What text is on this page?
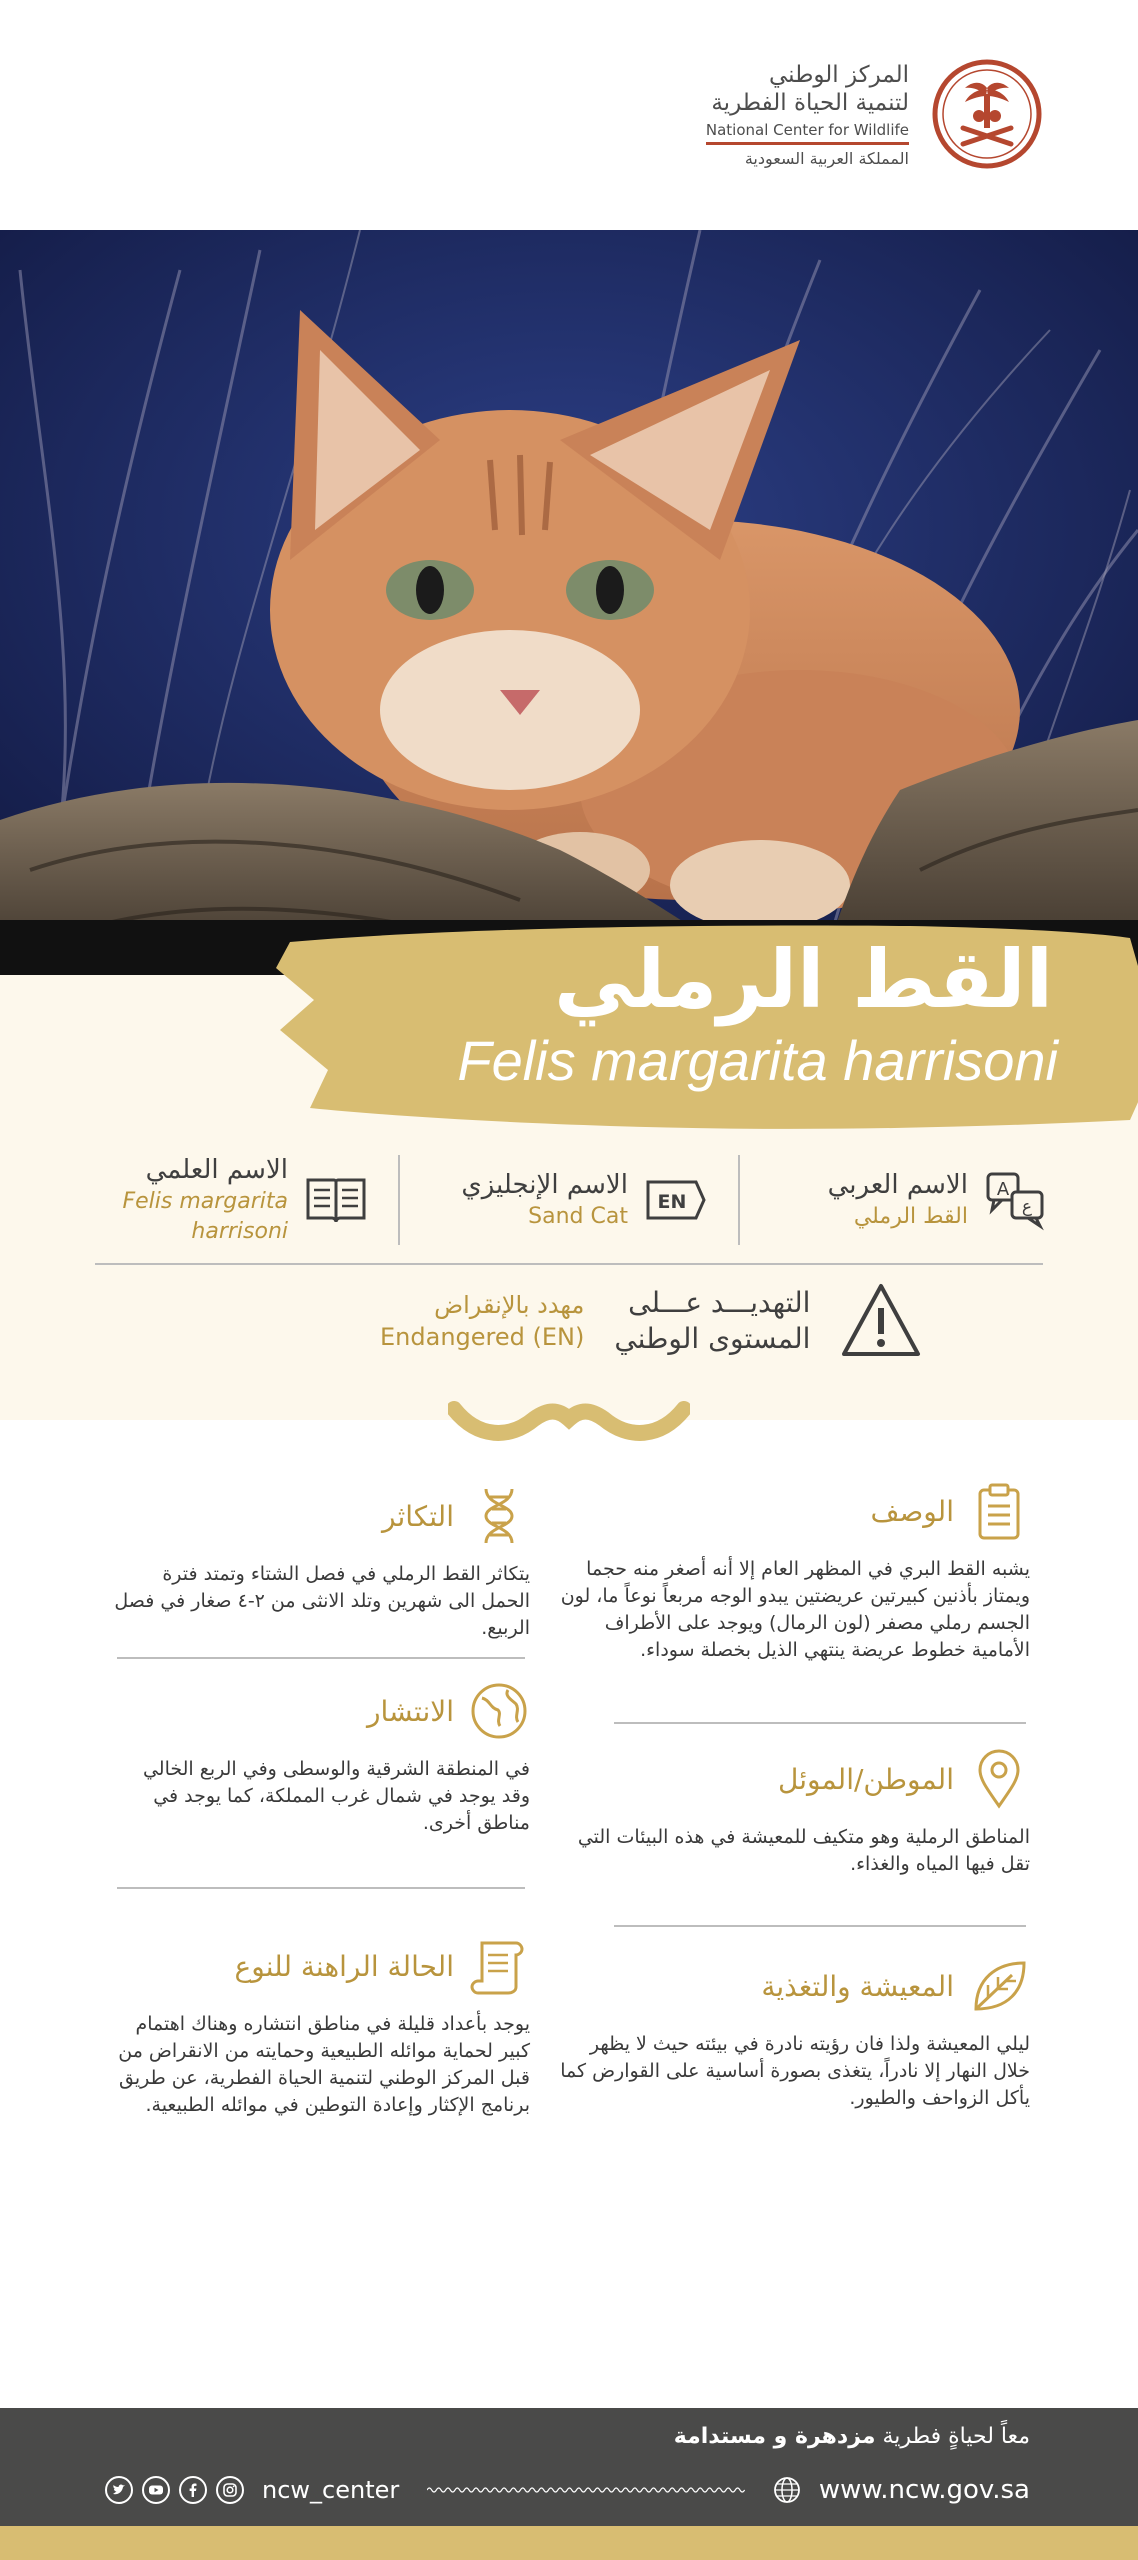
المركز الوطني
لتنمية الحياة الفطرية
National Center for Wildlife
المملكة العربية السعودية
القط الرملي
Felis margarita harrisoni
A
ع
الاسم العربي
القط الرملي
EN
الاسم الإنجليزي
Sand Cat
الاسم العلمي
Felis margarita harrisoni
التهديـــد عـــلى
المستوى الوطني
مهدد بالإنقراض
Endangered (EN)
الوصف
يشبه القط البري في المظهر العام إلا أنه أصغر منه حجما ويمتاز بأذنين كبيرتين عريضتين يبدو الوجه مربعاً نوعاً ما، لون الجسم رملي مصفر (لون الرمال) ويوجد على الأطراف الأمامية خطوط عريضة ينتهي الذيل بخصلة سوداء.
الموطن/الموئل
المناطق الرملية وهو متكيف للمعيشة في هذه البيئات التي تقل فيها المياه والغذاء.
المعيشة والتغذية
ليلي المعيشة ولذا فان رؤيته نادرة في بيئته حيث لا يظهر خلال النهار إلا نادراً، يتغذى بصورة أساسية على القوارض كما يأكل الزواحف والطيور.
التكاثر
يتكاثر القط الرملي في فصل الشتاء وتمتد فترة الحمل الى شهرين وتلد الانثى من ٢-٤ صغار في فصل الربيع.
الانتشار
في المنطقة الشرقية والوسطى وفي الربع الخالي وقد يوجد في شمال غرب المملكة، كما يوجد في مناطق أخرى.
الحالة الراهنة للنوع
يوجد بأعداد قليلة في مناطق انتشاره وهناك اهتمام كبير لحماية موائله الطبيعية وحمايته من الانقراض من قبل المركز الوطني لتنمية الحياة الفطرية، عن طريق برنامج الإكثار وإعادة التوطين في موائله الطبيعية.
معاً لحياةٍ فطرية مزدهرة و مستدامة
ncw_center	www.ncw.gov.sa
